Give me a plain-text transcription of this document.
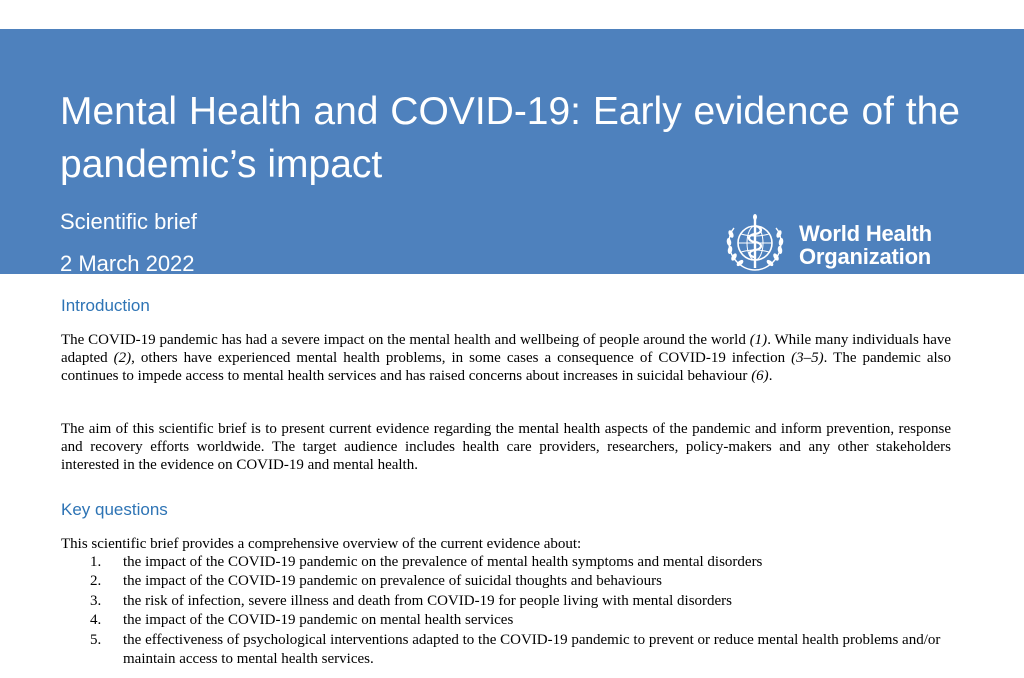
Mental Health and COVID-19: Early evidence of the pandemic’s impact
Scientific brief
2 March 2022
World Health
Organization
Introduction

The COVID-19 pandemic has had a severe impact on the mental health and wellbeing of people around the world (1). While many individuals have adapted (2), others have experienced mental health problems, in some cases a consequence of COVID-19 infection (3–5). The pandemic also continues to impede access to mental health services and has raised concerns about increases in suicidal behaviour (6).

The aim of this scientific brief is to present current evidence regarding the mental health aspects of the pandemic and inform prevention, response and recovery efforts worldwide. The target audience includes health care providers, researchers, policy-makers and any other stakeholders interested in the evidence on COVID-19 and mental health.

Key questions

This scientific brief provides a comprehensive overview of the current evidence about:

1.	the impact of the COVID-19 pandemic on the prevalence of mental health symptoms and mental disorders
2.	the impact of the COVID-19 pandemic on prevalence of suicidal thoughts and behaviours
3.	the risk of infection, severe illness and death from COVID-19 for people living with mental disorders
4.	the impact of the COVID-19 pandemic on mental health services
5.	the effectiveness of psychological interventions adapted to the COVID-19 pandemic to prevent or reduce mental health problems and/or maintain access to mental health services.
